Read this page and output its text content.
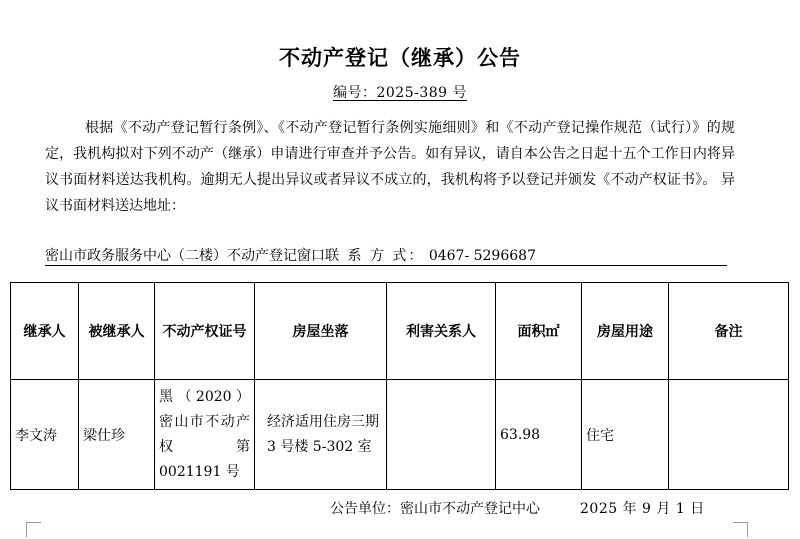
不动产登记（继承）公告
编号：2025-389 号
根据《不动产登记暂行条例》、《不动产登记暂行条例实施细则》和《不动产登记操作规范（试行）》的规定，我机构拟对下列不动产（继承）申请进行审查并予公告。如有异议，请自本公告之日起十五个工作日内将异议书面材料送达我机构。逾期无人提出异议或者异议不成立的，我机构将予以登记并颁发《不动产权证书》。 异议书面材料送达地址：
密山市政务服务中心（二楼）不动产登记窗口联 系 方 式： 0467- 5296687
继承人	被继承人	不动产权证号	房屋坐落	利害关系人	面积㎡	房屋用途	备注
李文涛	梁仕珍	黑（2020）密山市不动产权第 0021191 号	经济适用住房三期 3 号楼 5-302 室		63.98	住宅	
公告单位：密山市不动产登记中心	2025 年 9 月 1 日
